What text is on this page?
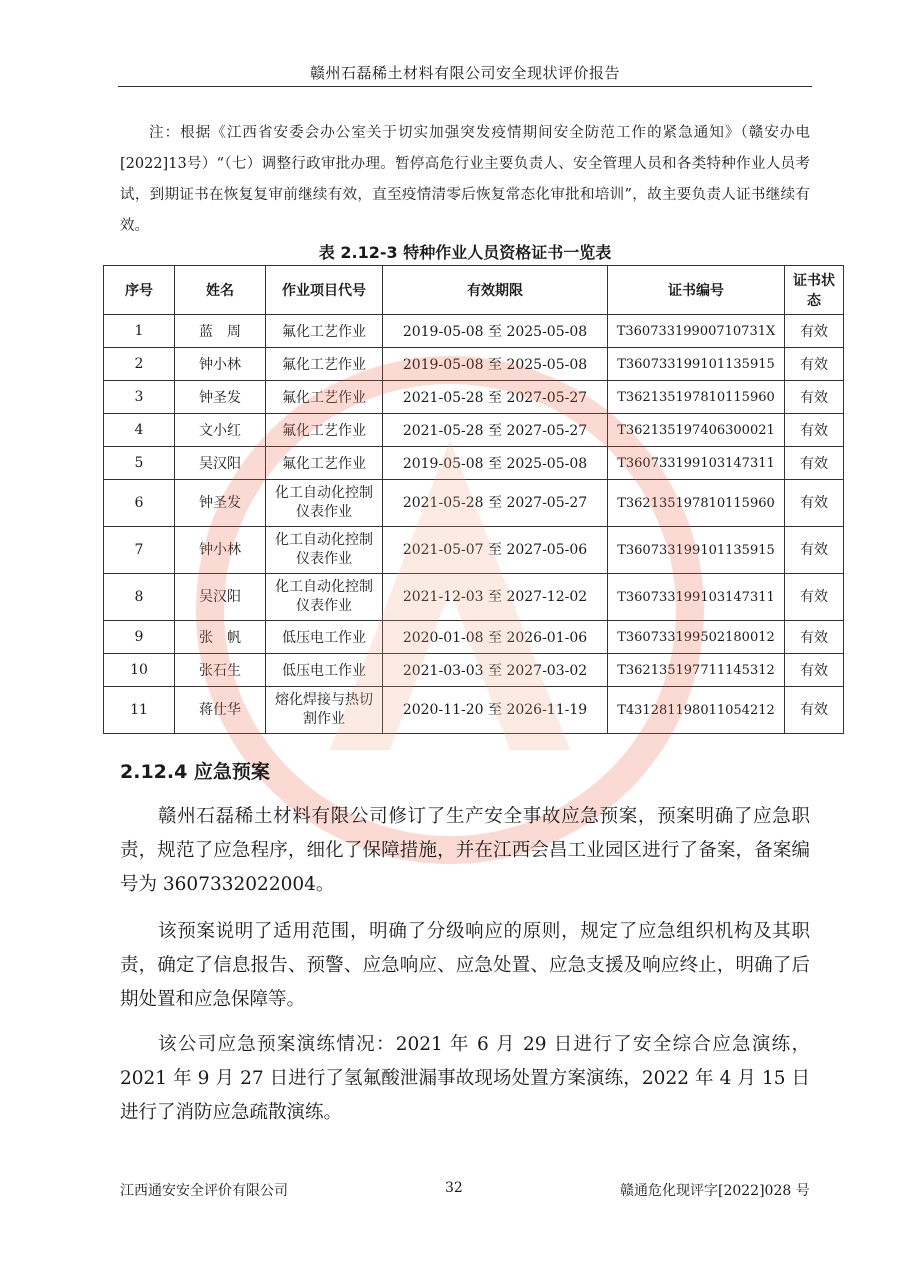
赣州石磊稀土材料有限公司安全现状评价报告

注：根据《江西省安委会办公室关于切实加强突发疫情期间安全防范工作的紧急通知》（赣安办电[2022]13号）“（七）调整行政审批办理。暂停高危行业主要负责人、安全管理人员和各类特种作业人员考试，到期证书在恢复复审前继续有效，直至疫情清零后恢复常态化审批和培训”，故主要负责人证书继续有效。

表 2.12-3 特种作业人员资格证书一览表
序号	姓名	作业项目代号	有效期限	证书编号	证书状态
1	蓝　周	氟化工艺作业	2019-05-08 至 2025-05-08	T36073319900710731X	有效
2	钟小林	氟化工艺作业	2019-05-08 至 2025-05-08	T360733199101135915	有效
3	钟圣发	氟化工艺作业	2021-05-28 至 2027-05-27	T362135197810115960	有效
4	文小红	氟化工艺作业	2021-05-28 至 2027-05-27	T362135197406300021	有效
5	吴汉阳	氟化工艺作业	2019-05-08 至 2025-05-08	T360733199103147311	有效
6	钟圣发	化工自动化控制仪表作业	2021-05-28 至 2027-05-27	T362135197810115960	有效
7	钟小林	化工自动化控制仪表作业	2021-05-07 至 2027-05-06	T360733199101135915	有效
8	吴汉阳	化工自动化控制仪表作业	2021-12-03 至 2027-12-02	T360733199103147311	有效
9	张　帆	低压电工作业	2020-01-08 至 2026-01-06	T360733199502180012	有效
10	张石生	低压电工作业	2021-03-03 至 2027-03-02	T362135197711145312	有效
11	蒋仕华	熔化焊接与热切割作业	2020-11-20 至 2026-11-19	T431281198011054212	有效
2.12.4 应急预案

赣州石磊稀土材料有限公司修订了生产安全事故应急预案，预案明确了应急职责，规范了应急程序，细化了保障措施，并在江西会昌工业园区进行了备案，备案编号为 3607332022004。

该预案说明了适用范围，明确了分级响应的原则，规定了应急组织机构及其职责，确定了信息报告、预警、应急响应、应急处置、应急支援及响应终止，明确了后期处置和应急保障等。

该公司应急预案演练情况：2021 年 6 月 29 日进行了安全综合应急演练，2021 年 9 月 27 日进行了氢氟酸泄漏事故现场处置方案演练，2022 年 4 月 15 日进行了消防应急疏散演练。

江西通安安全评价有限公司	32	赣通危化现评字[2022]028 号
